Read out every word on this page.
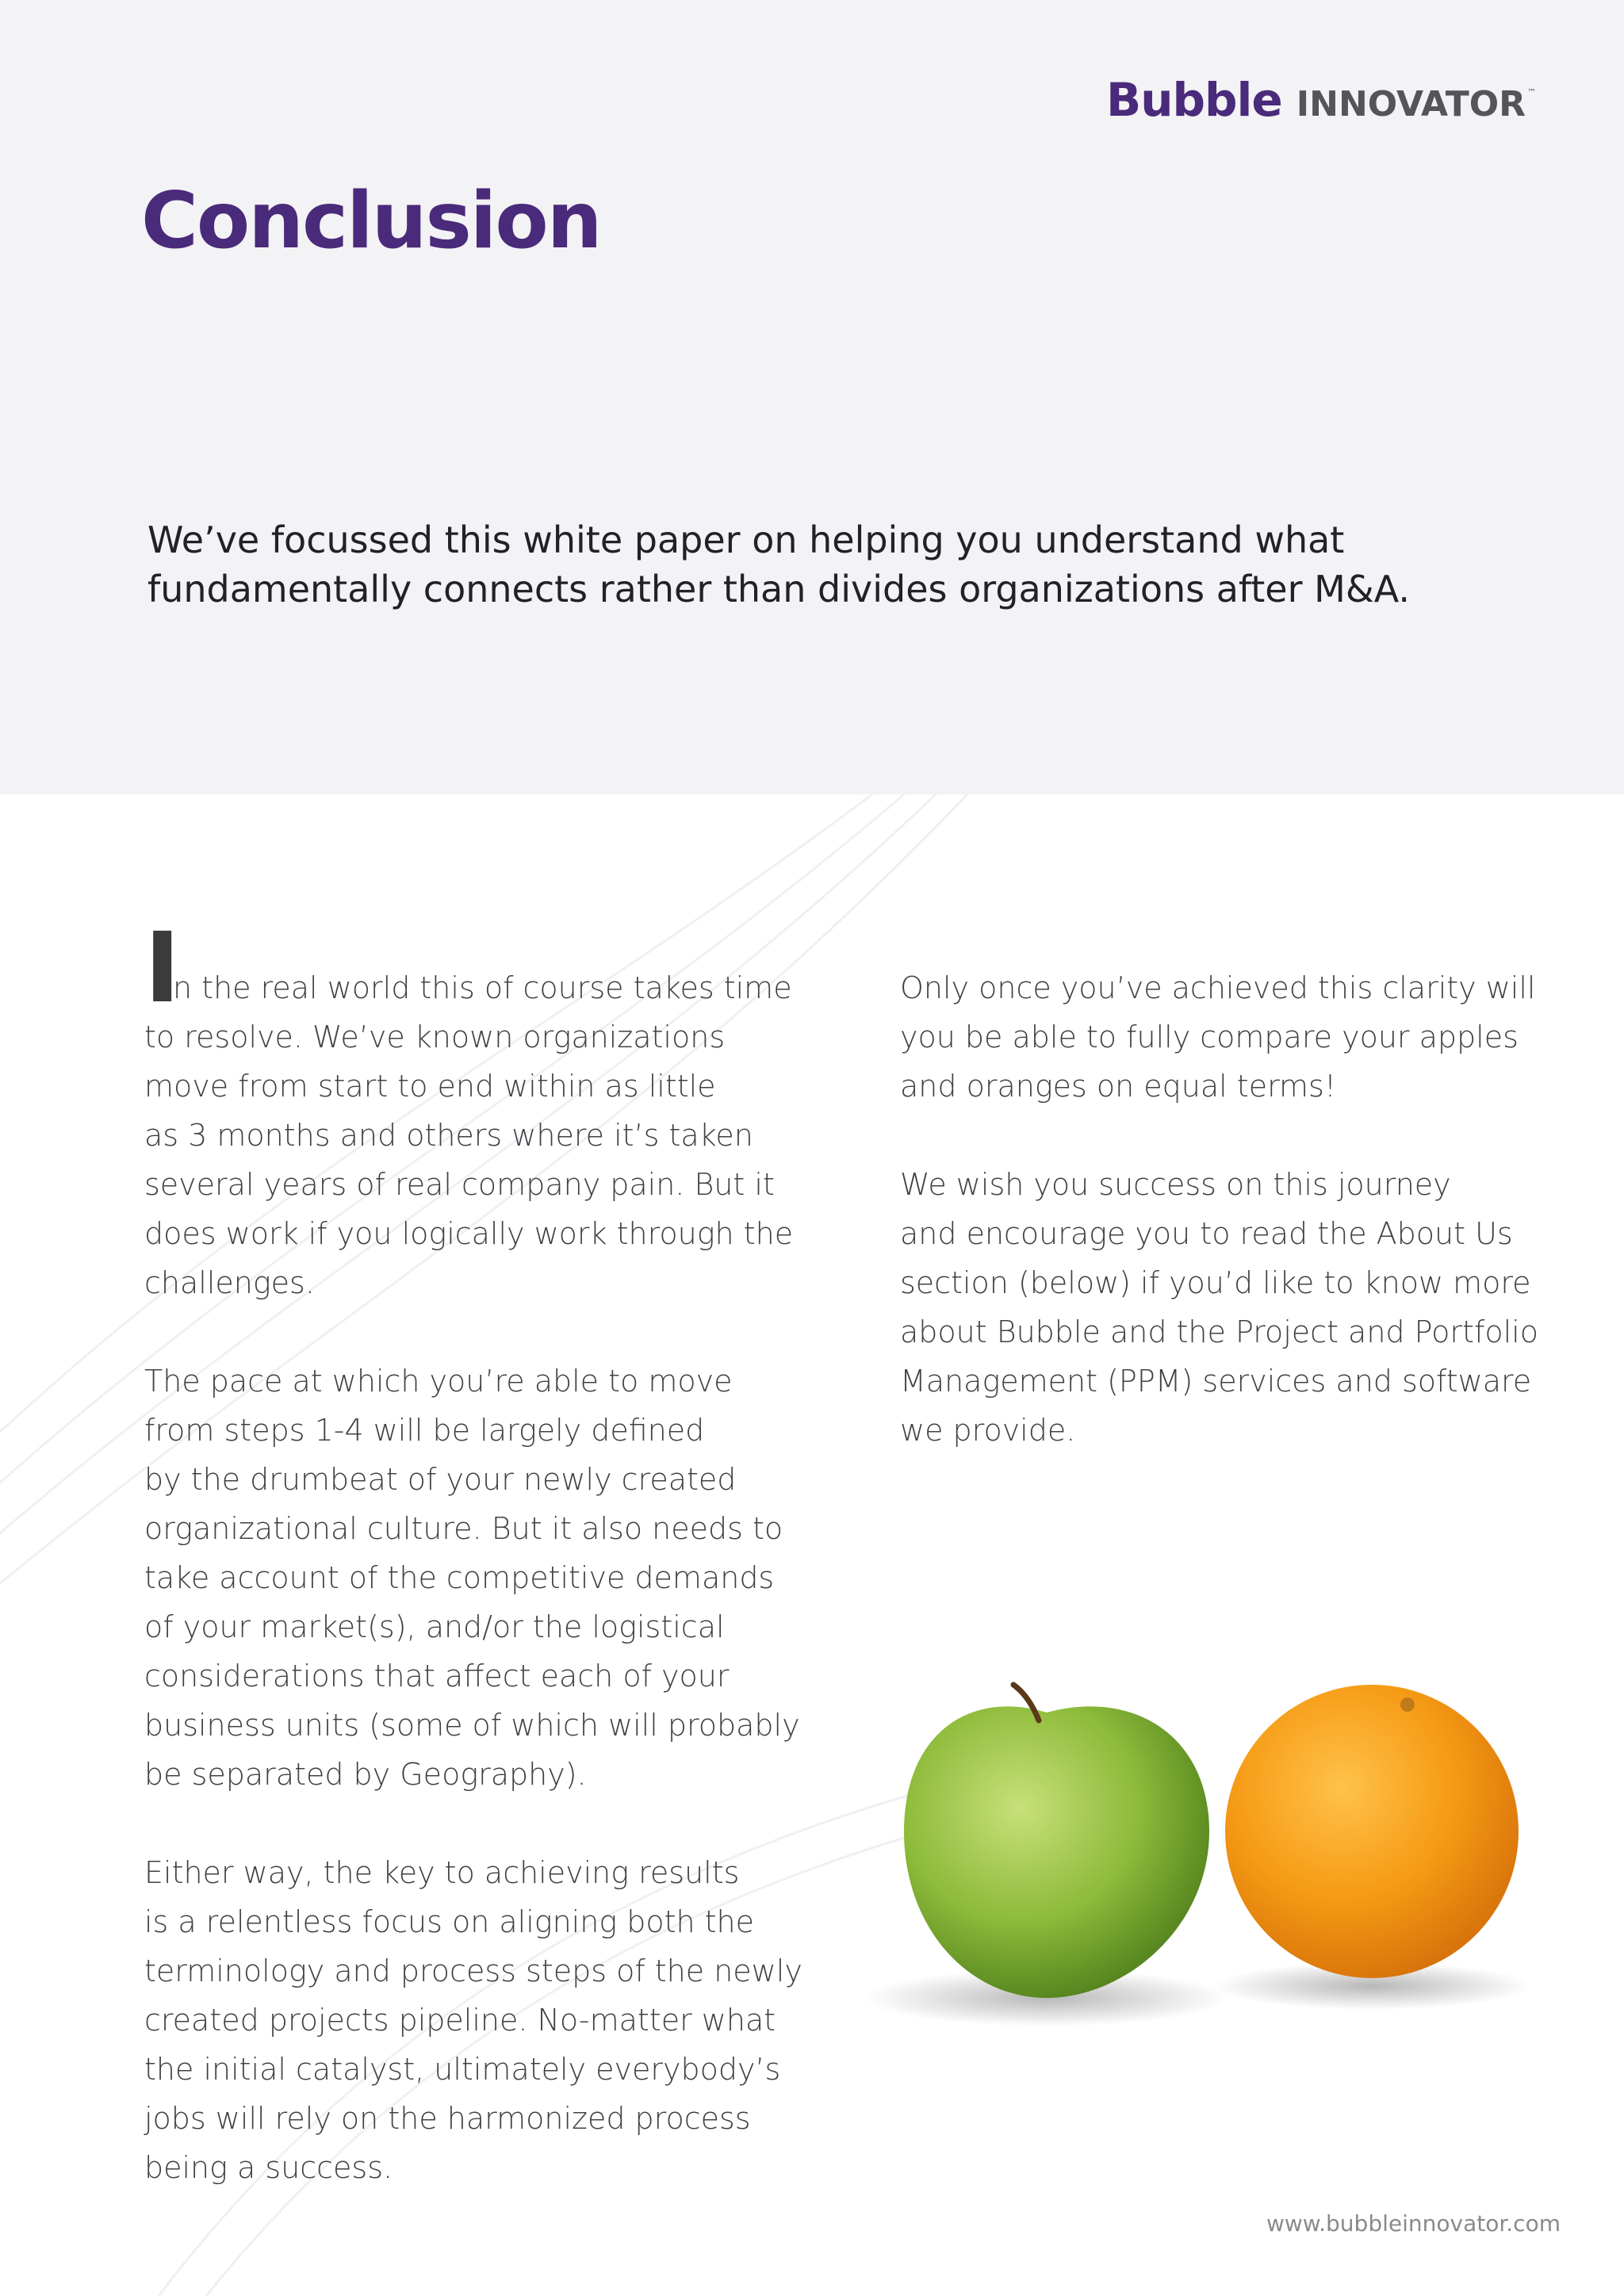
Bubble INNOVATOR ™
Conclusion

We’ve focussed this white paper on helping you understand what
fundamentally connects rather than divides organizations after M&A.

I

n the real world this of course takes time
to resolve. We’ve known organizations
move from start to end within as little
as 3 months and others where it’s taken
several years of real company pain. But it
does work if you logically work through the
challenges.

The pace at which you’re able to move
from steps 1-4 will be largely defined
by the drumbeat of your newly created
organizational culture. But it also needs to
take account of the competitive demands
of your market(s), and/or the logistical
considerations that affect each of your
business units (some of which will probably
be separated by Geography).

Either way, the key to achieving results
is a relentless focus on aligning both the
terminology and process steps of the newly
created projects pipeline. No-matter what
the initial catalyst, ultimately everybody’s
jobs will rely on the harmonized process
being a success.

Only once you’ve achieved this clarity will
you be able to fully compare your apples
and oranges on equal terms!

We wish you success on this journey
and encourage you to read the About Us
section (below) if you’d like to know more
about Bubble and the Project and Portfolio
Management (PPM) services and software
we provide.

www.bubbleinnovator.com
